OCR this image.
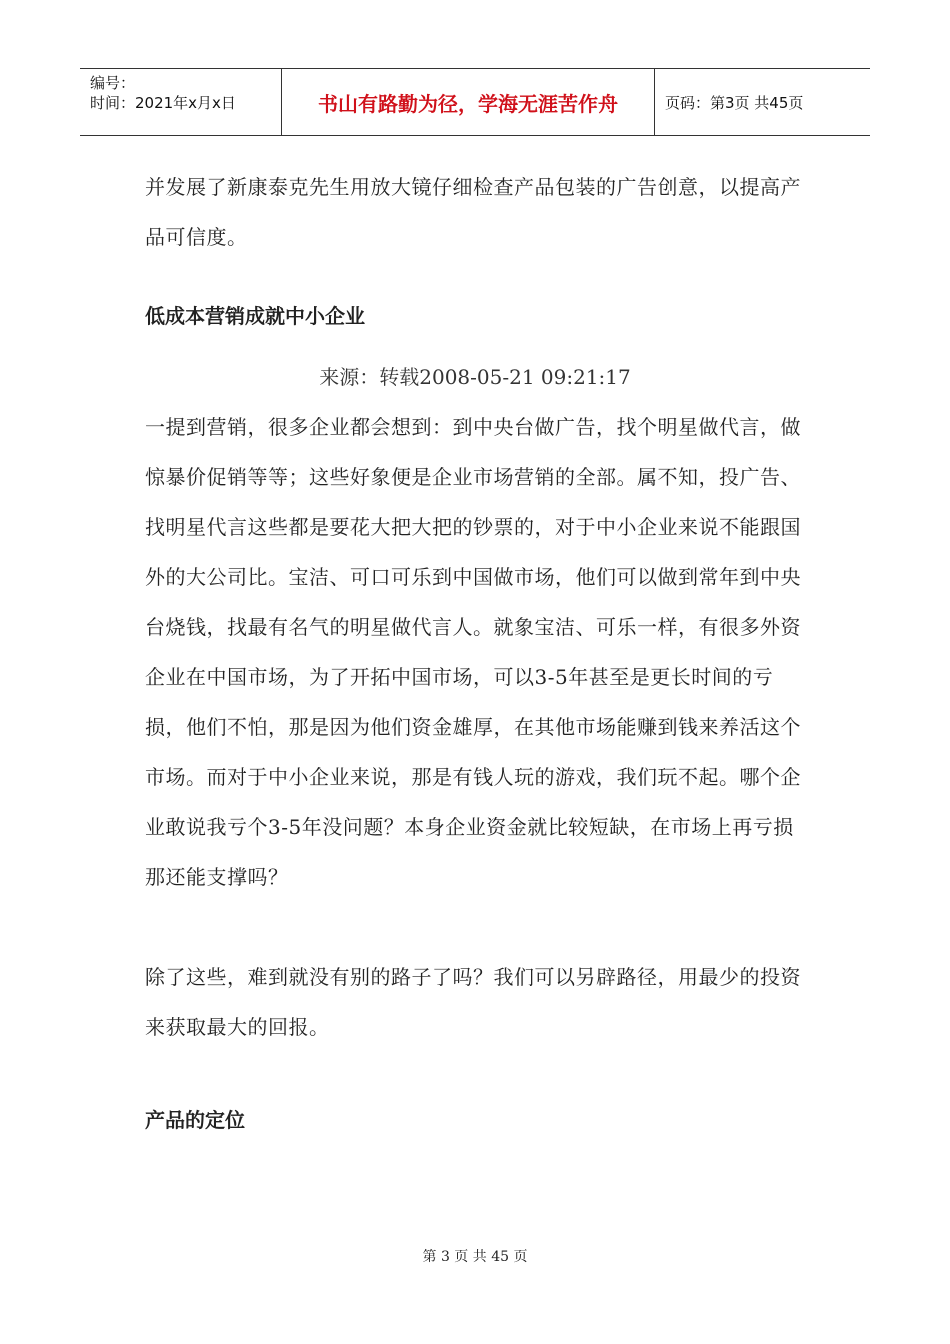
编号：
时间：2021年x月x日	书山有路勤为径，学海无涯苦作舟	页码：第3页 共45页

并发展了新康泰克先生用放大镜仔细检查产品包装的广告创意，以提高产品可信度。

低成本营销成就中小企业

来源：转载2008-05-21 09:21:17

一提到营销，很多企业都会想到：到中央台做广告，找个明星做代言，做惊暴价促销等等；这些好象便是企业市场营销的全部。属不知，投广告、找明星代言这些都是要花大把大把的钞票的，对于中小企业来说不能跟国外的大公司比。宝洁、可口可乐到中国做市场，他们可以做到常年到中央台烧钱，找最有名气的明星做代言人。就象宝洁、可乐一样，有很多外资企业在中国市场，为了开拓中国市场，可以3-5年甚至是更长时间的亏损，他们不怕，那是因为他们资金雄厚，在其他市场能赚到钱来养活这个市场。而对于中小企业来说，那是有钱人玩的游戏，我们玩不起。哪个企业敢说我亏个3-5年没问题？本身企业资金就比较短缺，在市场上再亏损那还能支撑吗？

除了这些，难到就没有别的路子了吗？我们可以另辟路径，用最少的投资来获取最大的回报。

产品的定位

第 3 页 共 45 页
